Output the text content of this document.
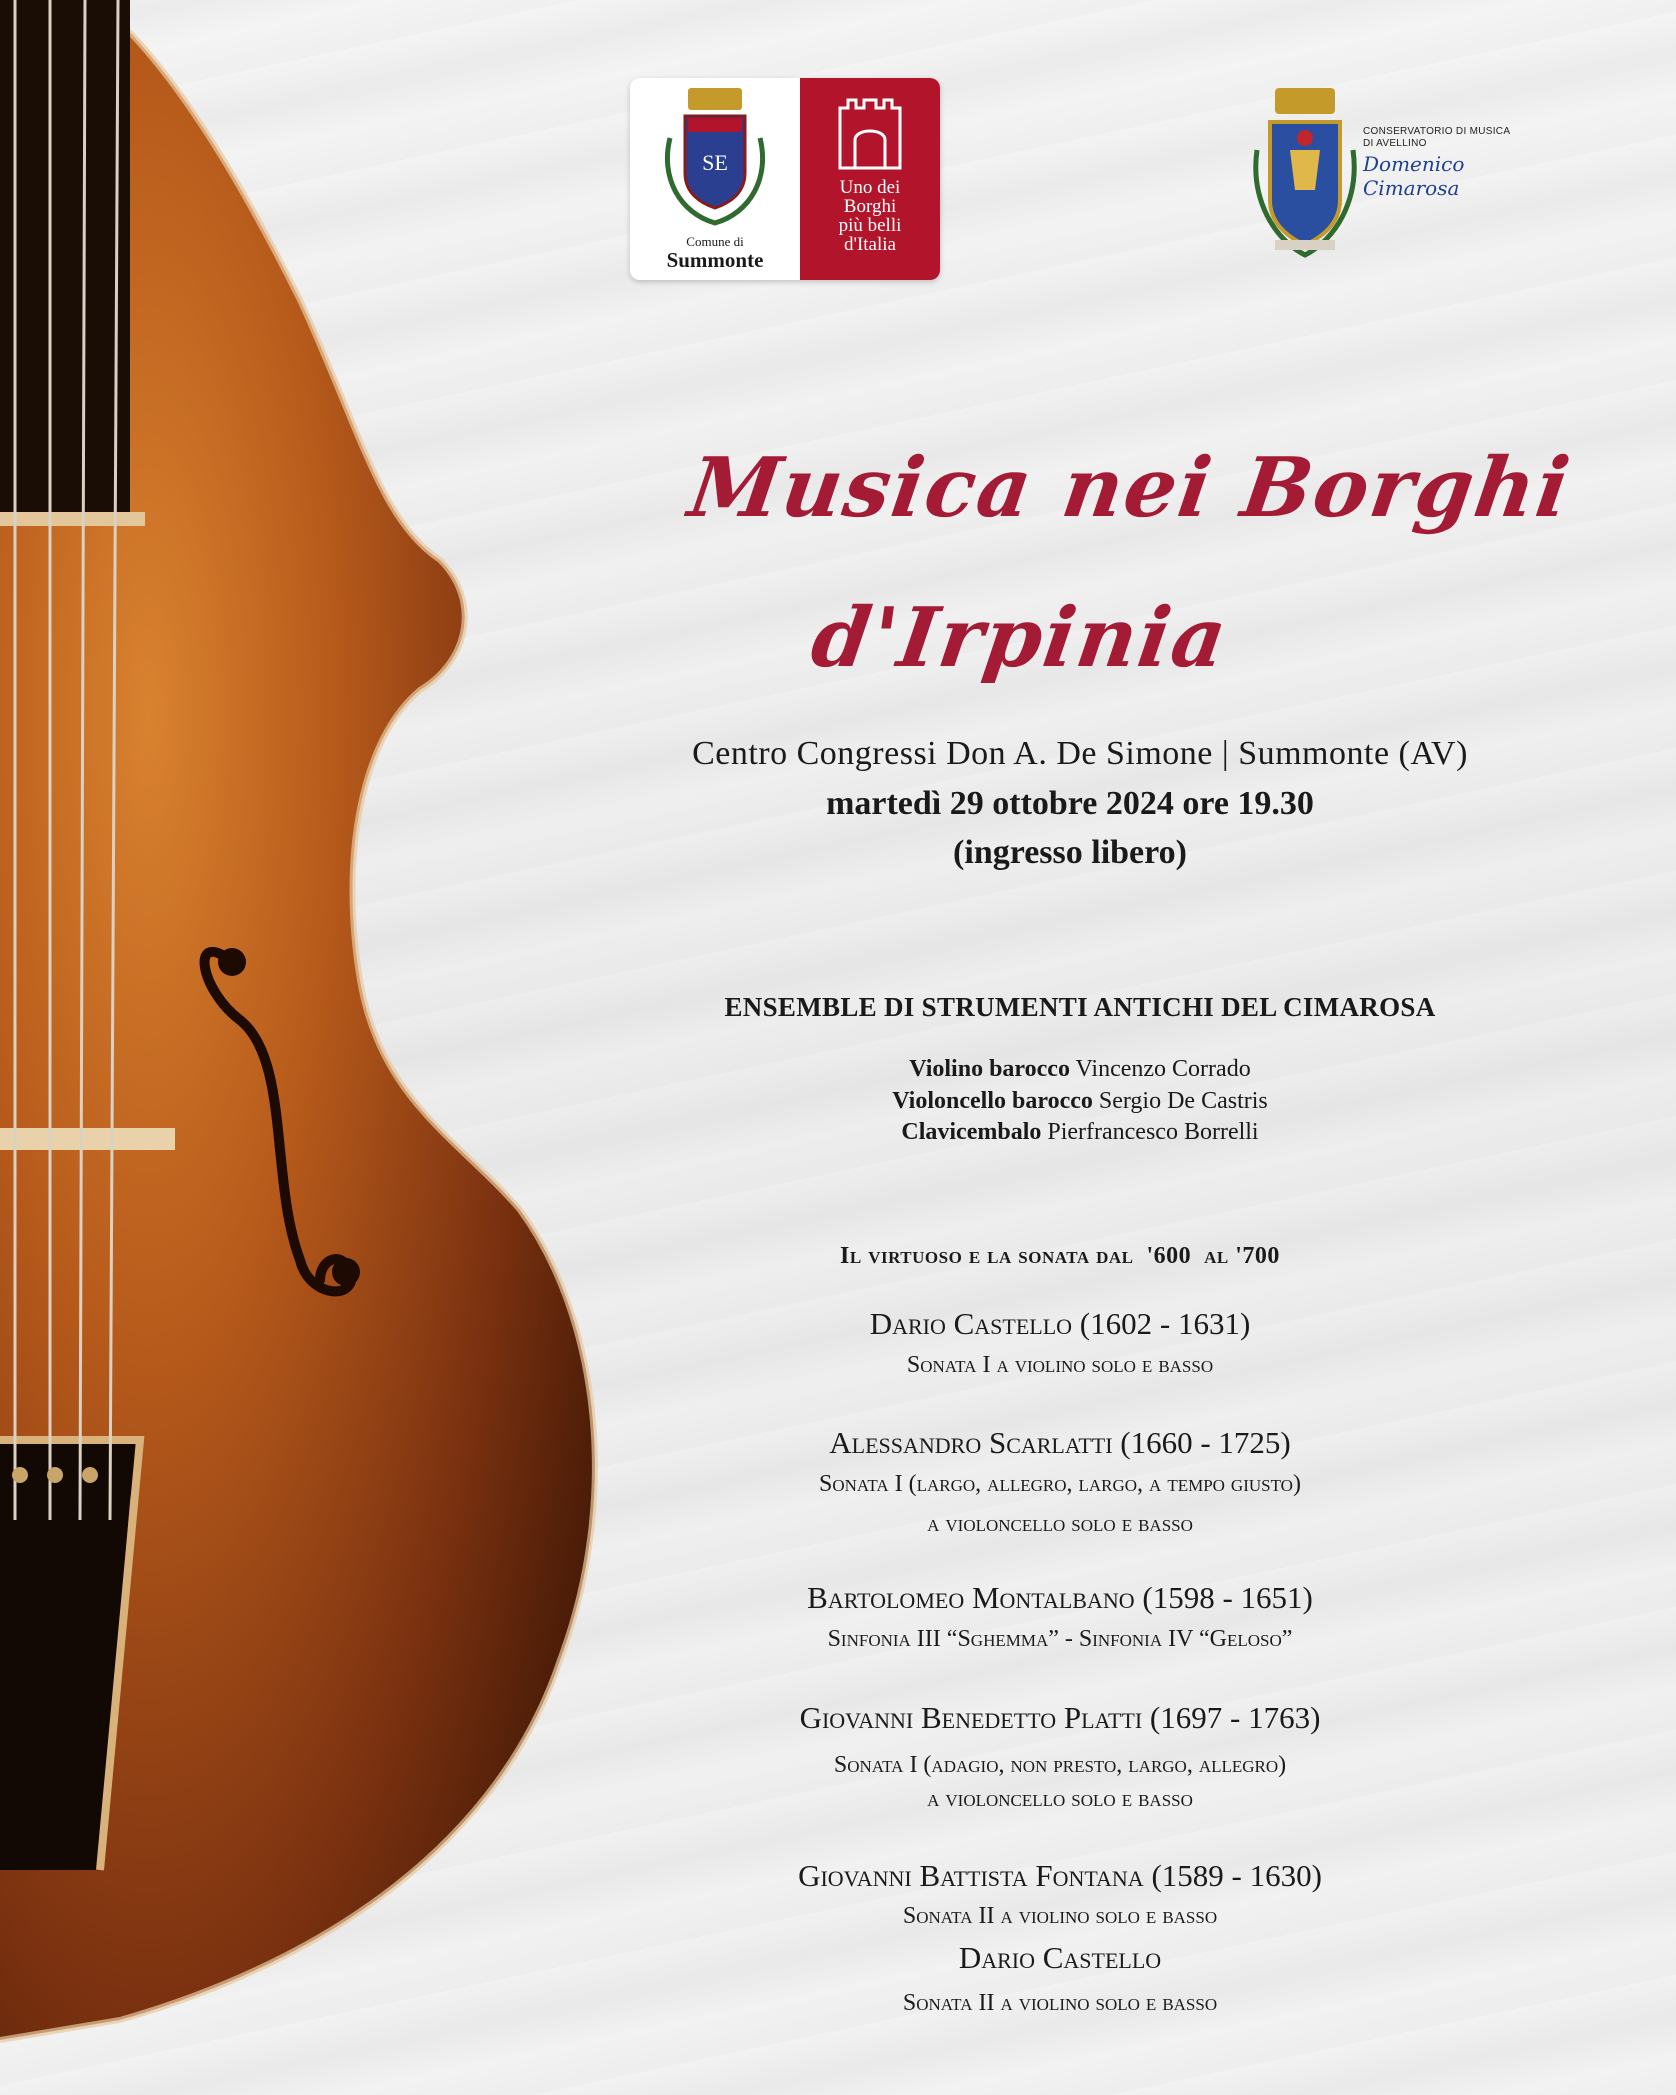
SE
Comune di
Summonte
Uno dei
Borghi
più belli
d'Italia
CONSERVATORIO DI MUSICA
DI AVELLINO
Domenico Cimarosa
Musica nei Borghi
d'Irpinia
Centro Congressi Don A. De Simone | Summonte (AV)
martedì 29 ottobre 2024 ore 19.30
(ingresso libero)
ENSEMBLE DI STRUMENTI ANTICHI DEL CIMAROSA
Violino barocco Vincenzo Corrado
Violoncello barocco Sergio De Castris
Clavicembalo Pierfrancesco Borrelli
Il virtuoso e la sonata dal  '600  al '700
Dario Castello (1602 - 1631)
Sonata I a violino solo e basso
Alessandro Scarlatti (1660 - 1725)
Sonata I (largo, allegro, largo, a tempo giusto)
a violoncello solo e basso
Bartolomeo Montalbano (1598 - 1651)
Sinfonia III “Sghemma” - Sinfonia IV “Geloso”
Giovanni Benedetto Platti (1697 - 1763)
Sonata I (adagio, non presto, largo, allegro)
a violoncello solo e basso
Giovanni Battista Fontana (1589 - 1630)
Sonata II a violino solo e basso
Dario Castello
Sonata II a violino solo e basso
